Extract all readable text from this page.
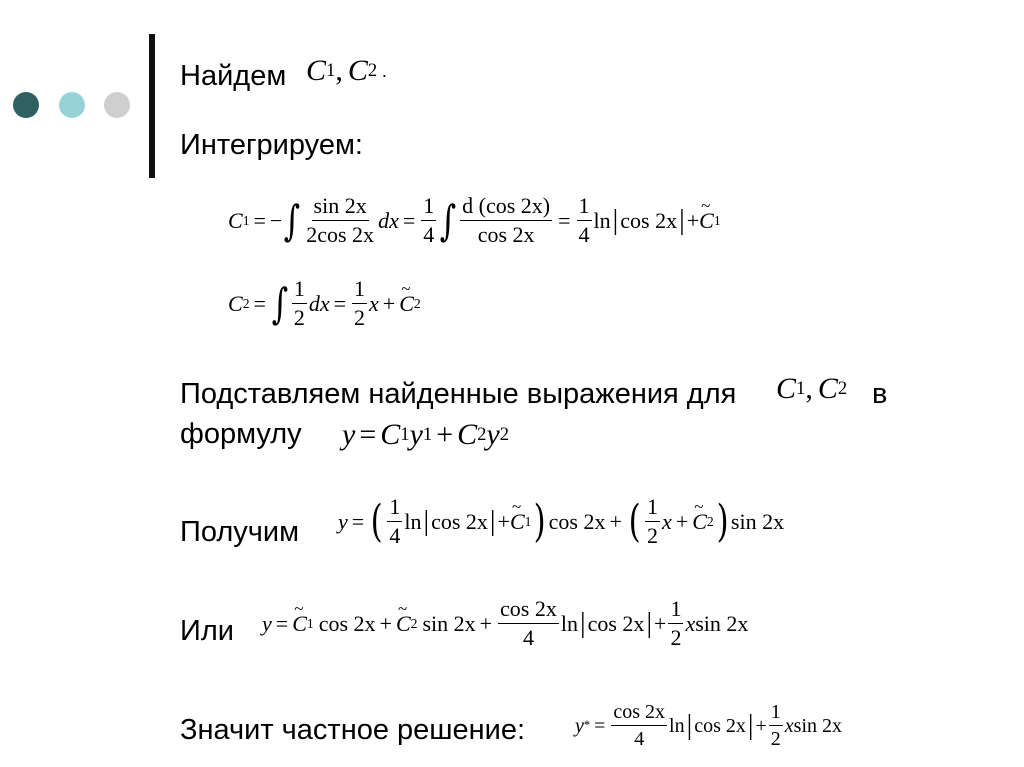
Найдем C 1 , C 2 .
Интегрируем:
C 1 = − ∫ $\frac{\sin 2x}{2\cos 2x}$ dx = $\frac{1}{4}$ ∫ $\frac{d (\cos 2x)}{\cos 2x} = \frac{1}{4}$ ln | cos 2x | + ~ C 1
C 2 = ∫ $\frac{1}{2}$ dx = $\frac{1}{2}$ x + ~ C 2
Подставляем найденные выражения для C 1 , C 2 в
формулу y = C 1 y 1 + C 2 y 2
Получим y = ( $\frac{1}{4}$ ln | cos 2x | + ~ C 1 ) cos 2x + ( $\frac{1}{2}$ x + ~ C 2 ) sin 2x
Или y = ~ C 1 cos 2x + ~ C 2 $\sin 2x + \frac{\cos 2x}{4}$ ln | cos 2x | + $\frac{1}{2}$ x sin 2x
Значит частное решение: y * = $\frac{\cos 2x}{4}$ ln | cos 2x | + $\frac{1}{2}$ x sin 2x
